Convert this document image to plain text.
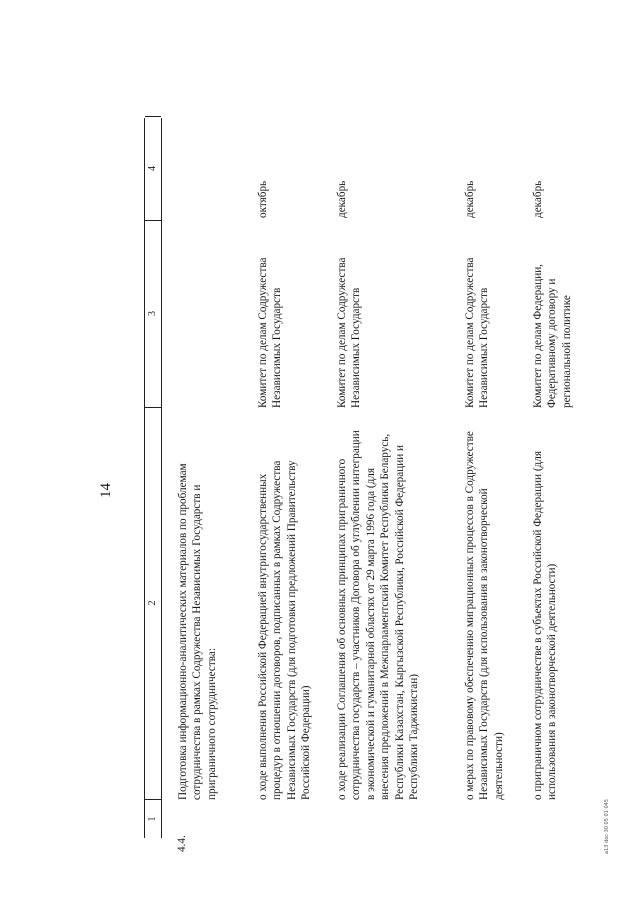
14
1
2
3
4
4.4.
Подготовка информационно-аналитических материалов по проблемам сотрудничества в рамках Содружества Независимых Государств и приграничного сотрудничества:	о ходе выполнения Российской Федерацией внутригосударственных процедур в отношении договоров, подписанных в рамках Содружества Независимых Государств (для подготовки предложений Правительству Российской Федерации)
Комитет по делам Содружества Независимых Государств
октябрь
о ходе реализации Соглашения об основных принципах приграничного сотрудничества государств – участников Договора об углублении интеграции в экономической и гуманитарной областях от 29 марта 1996 года (для внесения предложений в Межпарламентский Комитет Республики Беларусь, Республики Казахстан, Кыргызской Республики, Российской Федерации и Республики Таджикистан)
Комитет по делам Содружества Независимых Государств
декабрь
о мерах по правовому обеспечению миграционных процессов в Содружестве Независимых Государств (для использования в законотворческой деятельности)
Комитет по делам Содружества Независимых Государств
декабрь
о приграничном сотрудничестве в субъектах Российской Федерации (для использования в законотворческой деятельности)
Комитет по делам Федерации, Федеративному договору и региональной политике
декабрь
a13 doc 30 05 01 045
